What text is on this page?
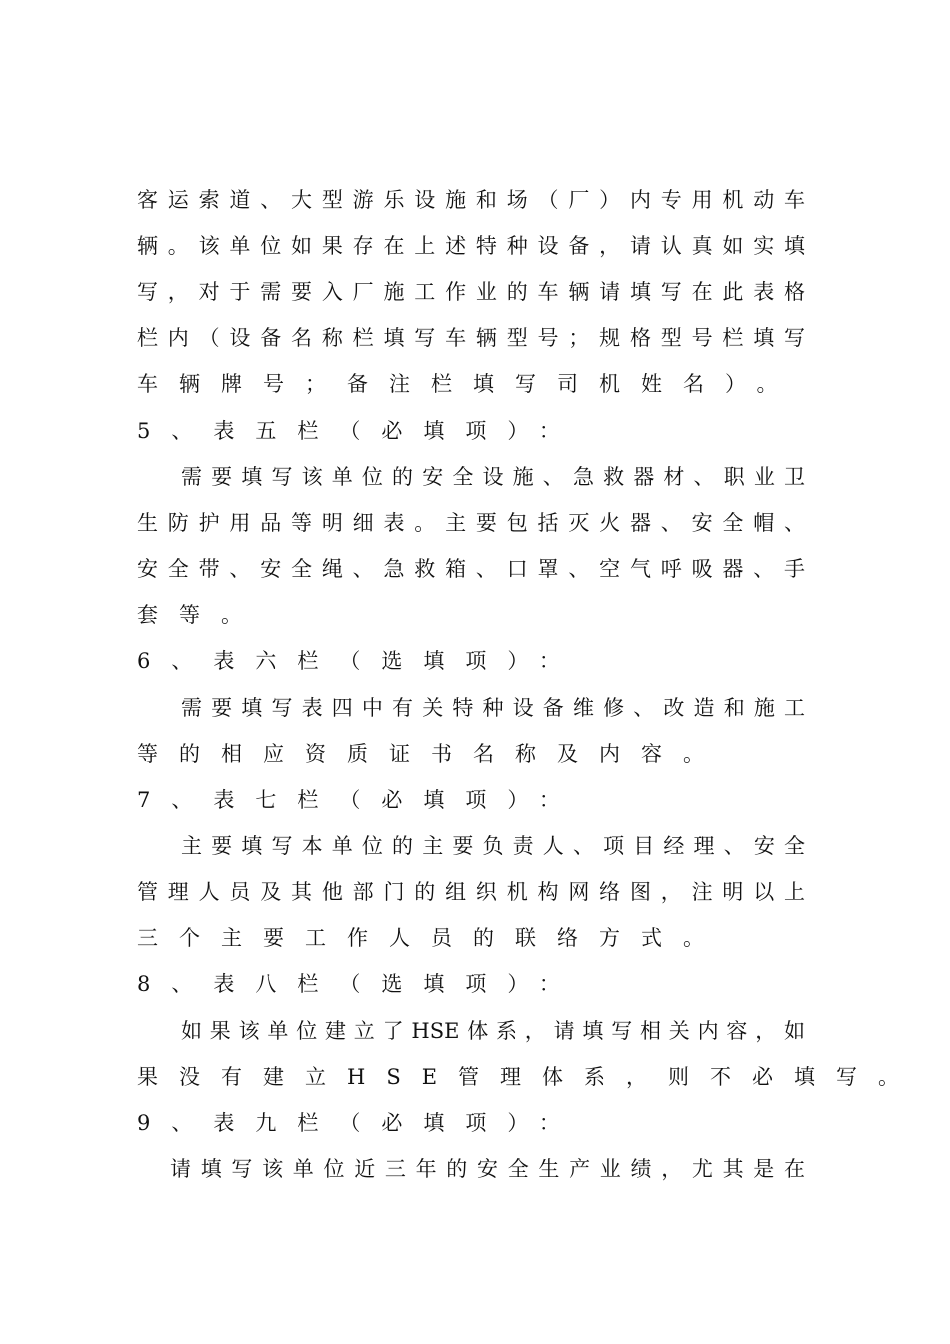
客运索道、大型游乐设施和场（厂）内专用机动车
辆。该单位如果存在上述特种设备，请认真如实填
写，对于需要入厂施工作业的车辆请填写在此表格
栏内（设备名称栏填写车辆型号；规格型号栏填写
车辆牌号；备注栏填写司机姓名）。
5、表五栏（必填项）：
需要填写该单位的安全设施、急救器材、职业卫
生防护用品等明细表。主要包括灭火器、安全帽、
安全带、安全绳、急救箱、口罩、空气呼吸器、手
套等。
6、表六栏（选填项）：
需要填写表四中有关特种设备维修、改造和施工
等的相应资质证书名称及内容。
7、表七栏（必填项）：
主要填写本单位的主要负责人、项目经理、安全
管理人员及其他部门的组织机构网络图，注明以上
三个主要工作人员的联络方式。
8、表八栏（选填项）：
如果该单位建立了HSE体系，请填写相关内容，如
果没有建立HSE管理体系，则不必填写。
9、表九栏（必填项）：
请填写该单位近三年的安全生产业绩，尤其是在
